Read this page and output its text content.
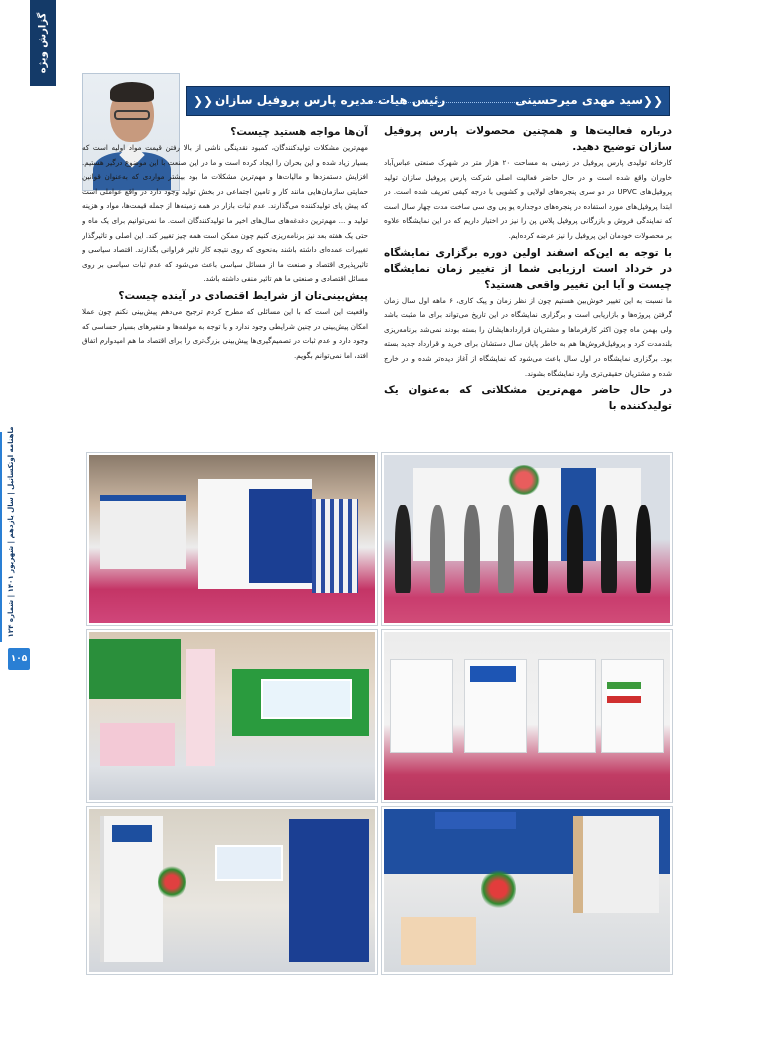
گزارش ویژه
ماهنامه اوتکساتیل | سال یازدهم | شهریور ۱۴۰۱ | شماره ۱۲۴
۱۰۵
❯❯ رئیس هیات مدیره پارس پروفیل سازان	سید مهدی میرحسینی ❯❯
درباره فعالیت‌ها و همچنین محصولات پارس پروفیل سازان توضیح دهید.

کارخانه تولیدی پارس پروفیل در زمینی به مساحت ۲۰ هزار متر در شهرک صنعتی عباس‌آباد خاوران واقع شده است و در حال حاضر فعالیت اصلی شرکت پارس پروفیل سازان تولید پروفیل‌های UPVC در دو سری پنجره‌های لولایی و کشویی با درجه کیفی تعریف شده است. در ابتدا پروفیل‌های مورد استفاده در پنجره‌های دوجداره یو پی وی سی ساخت مدت چهار سال است که نمایندگی فروش و بازرگانی پروفیل پلاس پن را نیز در اختیار داریم که در این نمایشگاه علاوه بر محصولات خودمان این پروفیل را نیز عرضه کرده‌ایم.

با توجه به این‌که اسفند اولین دوره برگزاری نمایشگاه در خرداد است ارزیابی شما از تغییر زمان نمایشگاه چیست و آیا این تغییر واقعی هستید؟

ما نسبت به این تغییر خوش‌بین هستیم چون از نظر زمان و پیک کاری، ۶ ماهه اول سال زمان گرفتن پروژه‌ها و بازاریابی است و برگزاری نمایشگاه در این تاریخ می‌تواند برای ما مثبت باشد ولی بهمن ماه چون اکثر کارفرماها و مشتریان قرارداد‌هایشان را بسته بودند نمی‌شد برنامه‌ریزی بلندمدت کرد و پروفیل‌فروش‌ها هم به خاطر پایان سال دستشان برای خرید و قرارداد جدید بسته بود. برگزاری نمایشگاه در اول سال باعث می‌شود که نمایشگاه از آغاز دیده‌تر شده و در خارج شده و مشتریان حقیقی‌تری وارد نمایشگاه بشوند.

در حال حاضر مهم‌ترین مشکلاتی که به‌عنوان یک تولیدکننده با

آن‌ها مواجه هستید چیست؟

مهم‌ترین مشکلات تولیدکنندگان، کمبود نقدینگی ناشی از بالا رفتن قیمت مواد اولیه است که بسیار زیاد شده و این بحران را ایجاد کرده است و ما در این صنعت با این موضوع درگیر هستیم. افزایش دستمزدها و مالیات‌ها و مهم‌ترین مشکلات ما بود بیشتر مواردی که به‌عنوان قوانین حمایتی سازمان‌هایی مانند کار و تامین اجتماعی در بخش تولید وجود دارد در واقع عواملی است که پیش پای تولیدکننده می‌گذارند. عدم ثبات بازار در همه زمینه‌ها از جمله قیمت‌ها، مواد و هزینه تولید و ... مهم‌ترین دغدغه‌های سال‌های اخیر ما تولیدکنندگان است. ما نمی‌توانیم برای یک ماه و حتی یک هفته بعد نیز برنامه‌ریزی کنیم چون ممکن است همه چیز تغییر کند. این اصلی و تاثیرگذار تغییرات عمده‌ای داشته باشند به‌نحوی که روی نتیجه کار تاثیر فراوانی بگذارند. اقتصاد سیاسی و تاثیرپذیری اقتصاد و صنعت ما از مسائل سیاسی باعث می‌شود که عدم ثبات سیاسی بر روی مسائل اقتصادی و صنعتی ما هم تاثیر منفی داشته باشد.

پیش‌بینی‌تان از شرایط اقتصادی در آینده چیست؟

واقعیت این است که با این مسائلی که مطرح کردم ترجیح می‌دهم پیش‌بینی نکنم چون عملا امکان پیش‌بینی در چنین شرایطی وجود ندارد و با توجه به مولفه‌ها و متغیرهای بسیار حساسی که وجود دارد و عدم ثبات در تصمیم‌گیری‌ها پیش‌بینی بزرگ‌تری را برای اقتصاد ما هم امیدوارم اتفاق افتد، اما نمی‌توانم بگویم.
